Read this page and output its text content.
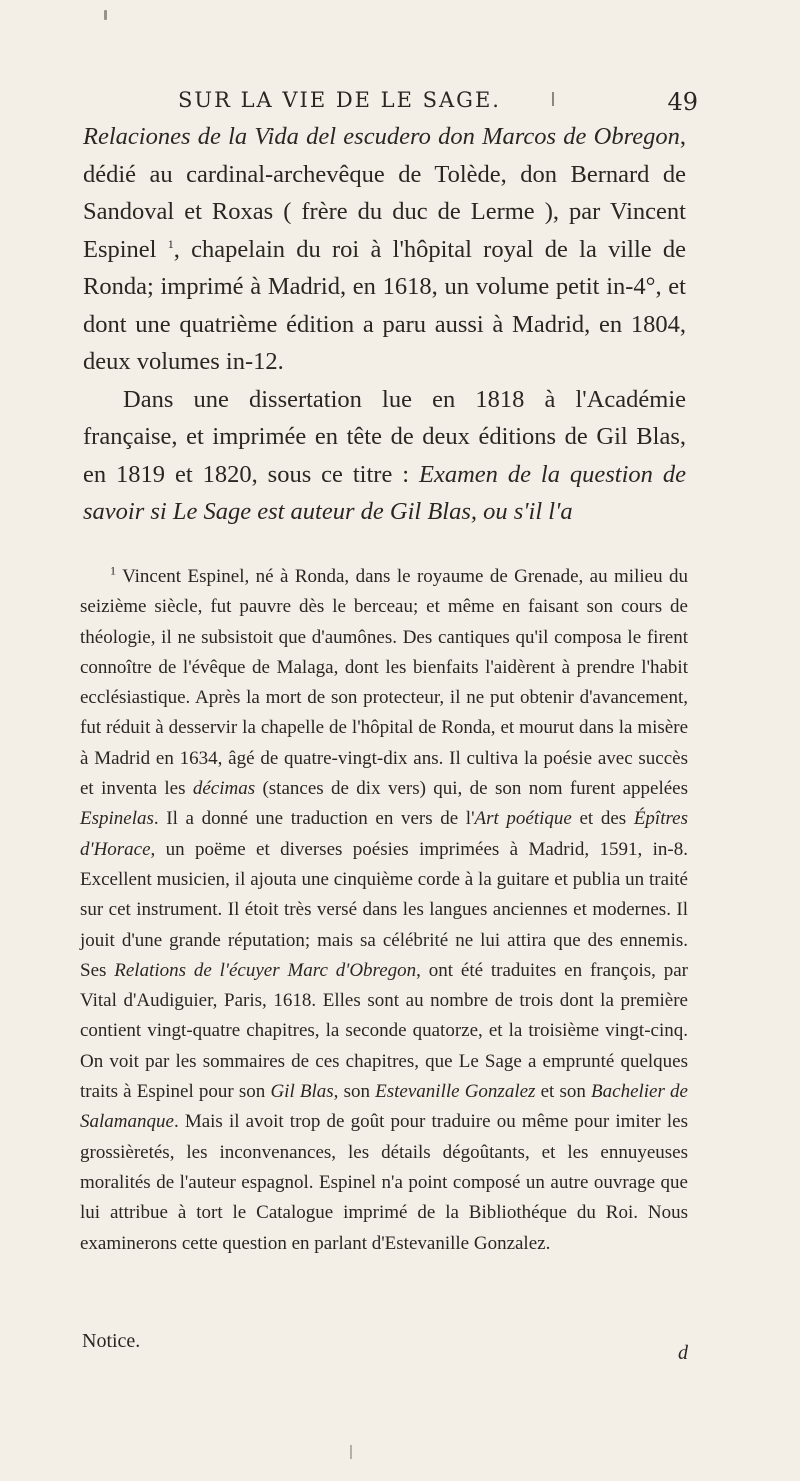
SUR LA VIE DE LE SAGE.	49

Relaciones de la Vida del escudero don Marcos de Obregon, dédié au cardinal-archevêque de Tolède, don Bernard de Sandoval et Roxas ( frère du duc de Lerme ), par Vincent Espinel $^1$, chapelain du roi à l'hôpital royal de la ville de Ronda; imprimé à Madrid, en 1618, un volume petit in-4°, et dont une quatrième édition a paru aussi à Madrid, en 1804, deux volumes in-12.

Dans une dissertation lue en 1818 à l'Académie française, et imprimée en tête de deux éditions de Gil Blas, en 1819 et 1820, sous ce titre : Examen de la question de savoir si Le Sage est auteur de Gil Blas, ou s'il l'a

$^1$ Vincent Espinel, né à Ronda, dans le royaume de Grenade, au milieu du seizième siècle, fut pauvre dès le berceau; et même en faisant son cours de théologie, il ne subsistoit que d'aumônes. Des cantiques qu'il composa le firent connoître de l'évêque de Malaga, dont les bienfaits l'aidèrent à prendre l'habit ecclésiastique. Après la mort de son protecteur, il ne put obtenir d'avancement, fut réduit à desservir la chapelle de l'hôpital de Ronda, et mourut dans la misère à Madrid en 1634, âgé de quatre-vingt-dix ans. Il cultiva la poésie avec succès et inventa les décimas (stances de dix vers) qui, de son nom furent appelées Espinelas. Il a donné une traduction en vers de l'Art poétique et des Épîtres d'Horace, un poëme et diverses poésies imprimées à Madrid, 1591, in-8. Excellent musicien, il ajouta une cinquième corde à la guitare et publia un traité sur cet instrument. Il étoit très versé dans les langues anciennes et modernes. Il jouit d'une grande réputation; mais sa célébrité ne lui attira que des ennemis. Ses Relations de l'écuyer Marc d'Obregon, ont été traduites en françois, par Vital d'Audiguier, Paris, 1618. Elles sont au nombre de trois dont la première contient vingt-quatre chapitres, la seconde quatorze, et la troisième vingt-cinq. On voit par les sommaires de ces chapitres, que Le Sage a emprunté quelques traits à Espinel pour son Gil Blas, son Estevanille Gonzalez et son Bachelier de Salamanque. Mais il avoit trop de goût pour traduire ou même pour imiter les grossièretés, les inconvenances, les détails dégoûtants, et les ennuyeuses moralités de l'auteur espagnol. Espinel n'a point composé un autre ouvrage que lui attribue à tort le Catalogue imprimé de la Bibliothéque du Roi. Nous examinerons cette question en parlant d'Estevanille Gonzalez.

Notice.
d
